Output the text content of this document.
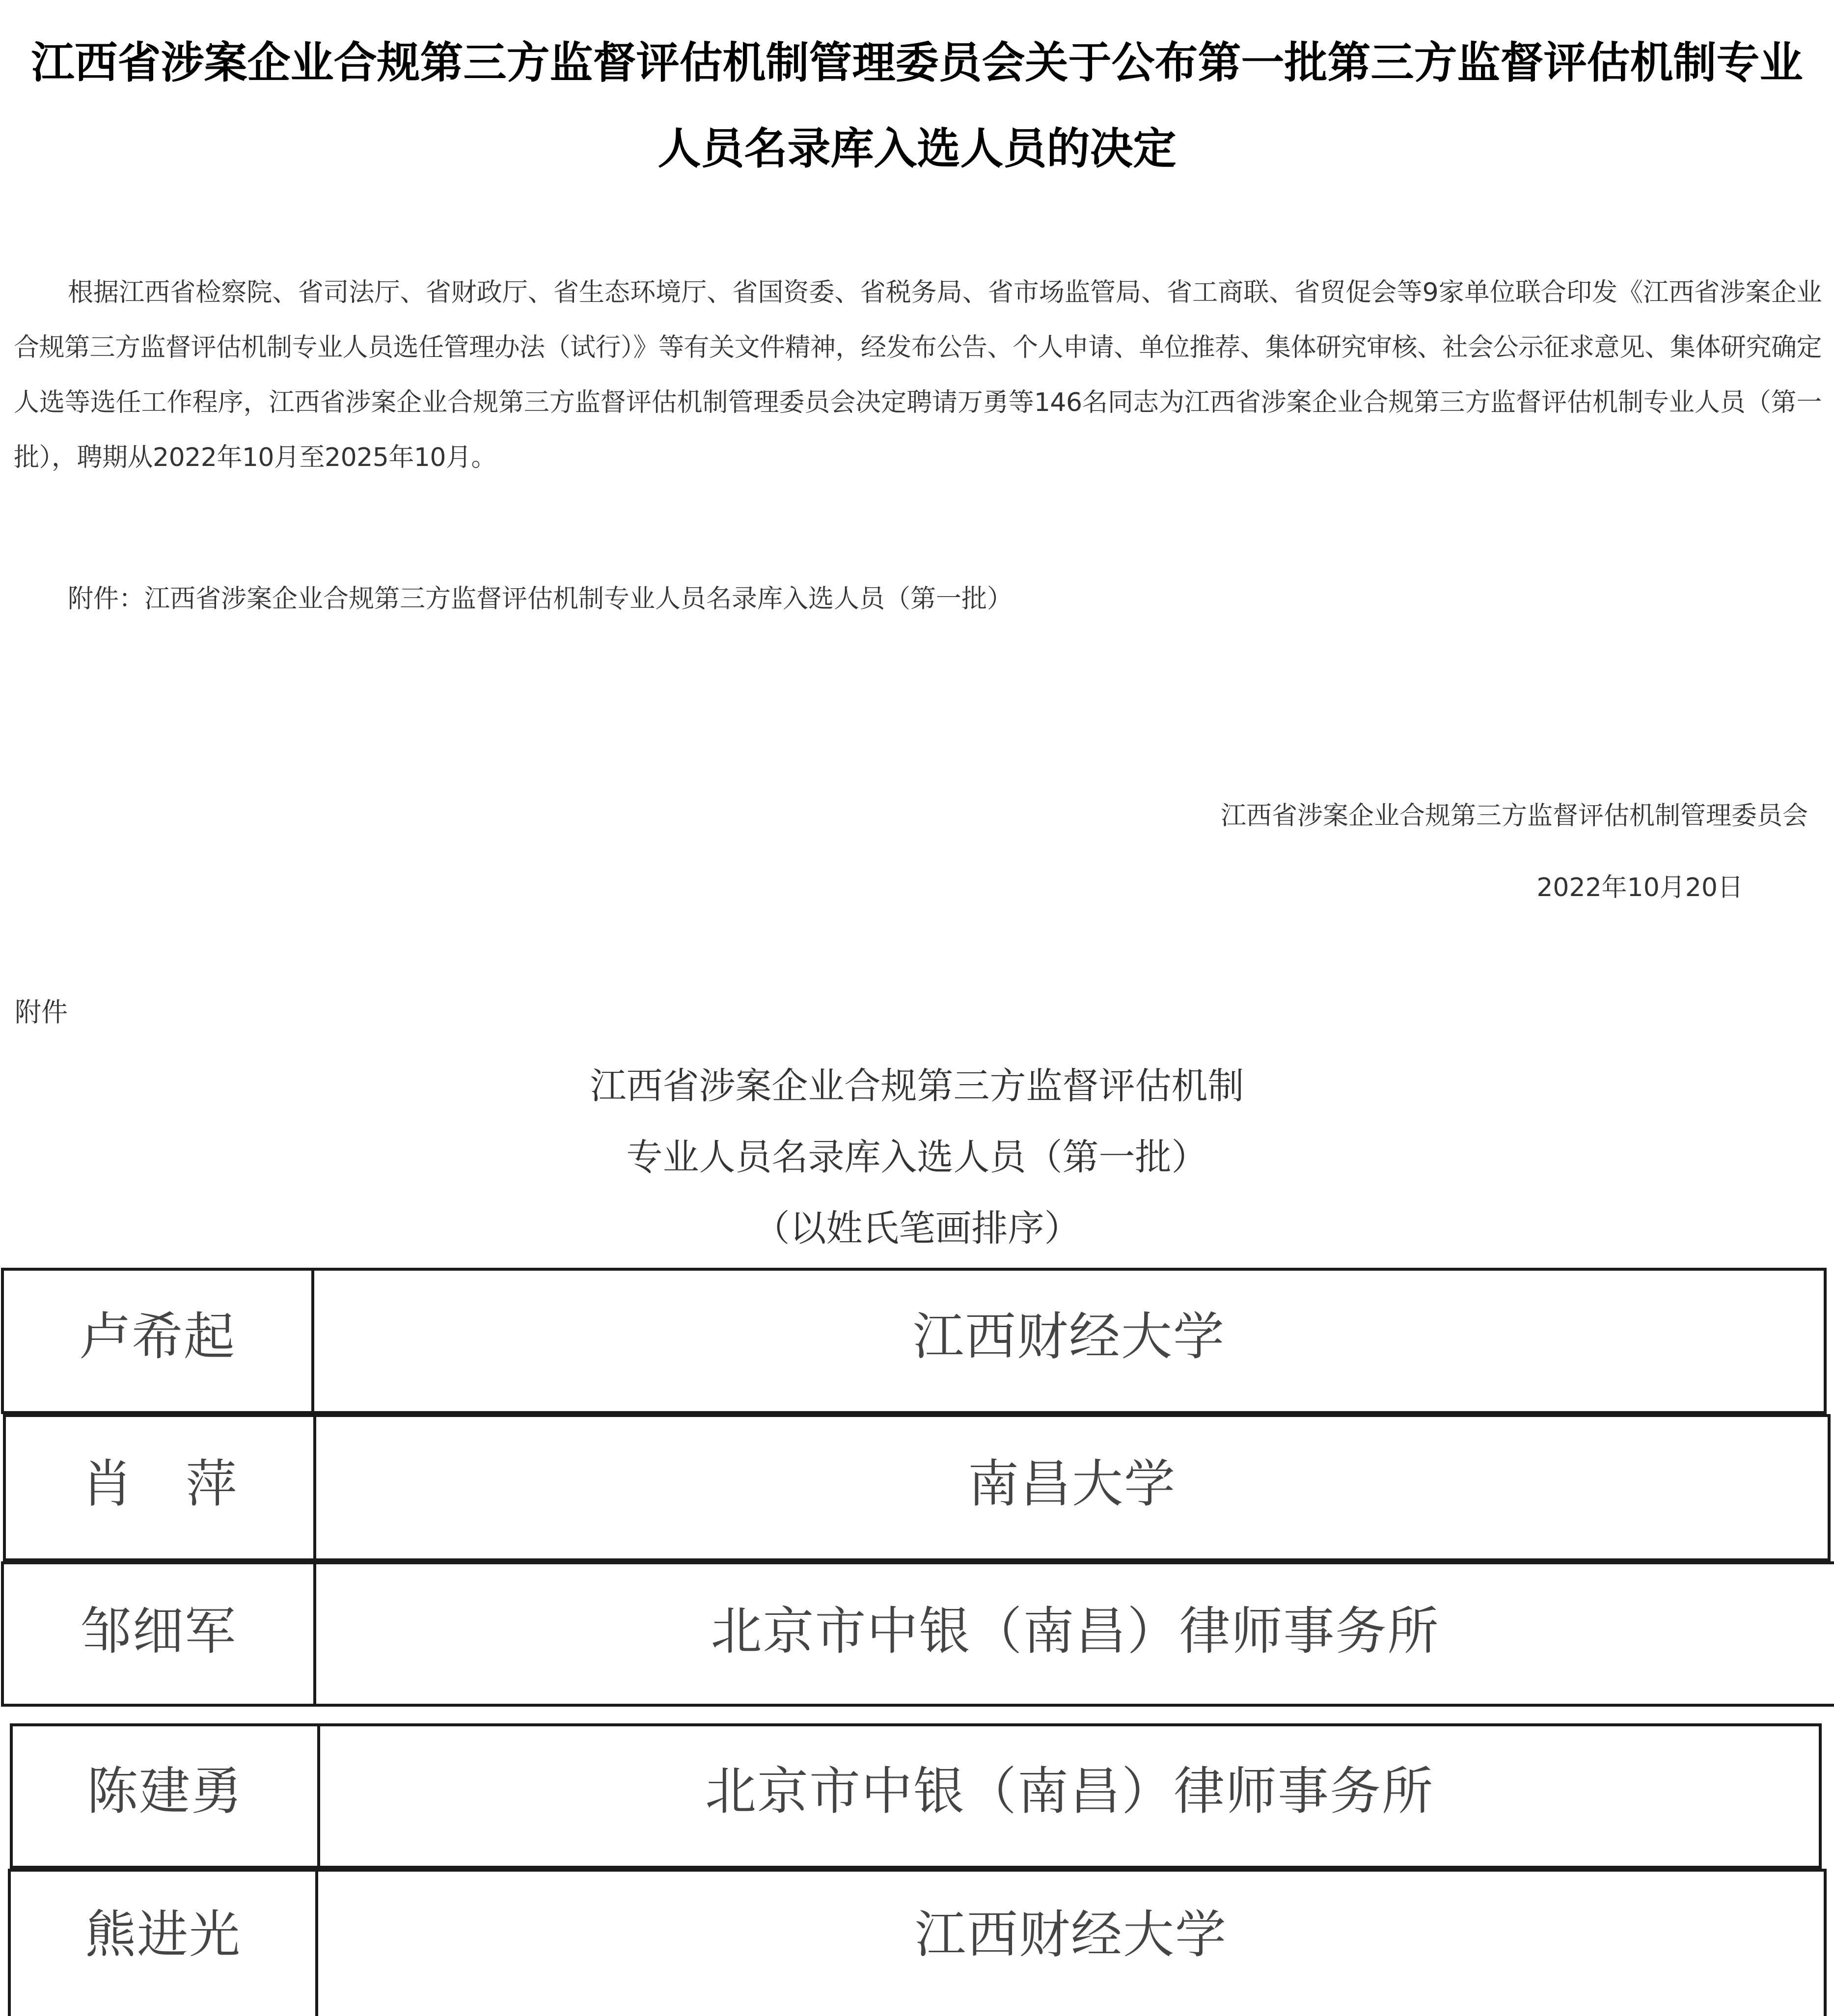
江西省涉案企业合规第三方监督评估机制管理委员会关于公布第一批第三方监督评估机制专业人员名录库入选人员的决定

根据江西省检察院、省司法厅、省财政厅、省生态环境厅、省国资委、省税务局、省市场监管局、省工商联、省贸促会等9家单位联合印发《江西省涉案企业合规第三方监督评估机制专业人员选任管理办法（试行）》等有关文件精神，经发布公告、个人申请、单位推荐、集体研究审核、社会公示征求意见、集体研究确定人选等选任工作程序，江西省涉案企业合规第三方监督评估机制管理委员会决定聘请万勇等146名同志为江西省涉案企业合规第三方监督评估机制专业人员（第一批），聘期从2022年10月至2025年10月。

附件：江西省涉案企业合规第三方监督评估机制专业人员名录库入选人员（第一批）
江西省涉案企业合规第三方监督评估机制管理委员会
2022年10月20日
附件
江西省涉案企业合规第三方监督评估机制
专业人员名录库入选人员（第一批）
（以姓氏笔画排序）
卢希起	江西财经大学
肖　萍	南昌大学
邹细军	北京市中银（南昌）律师事务所
陈建勇	北京市中银（南昌）律师事务所
熊进光	江西财经大学
